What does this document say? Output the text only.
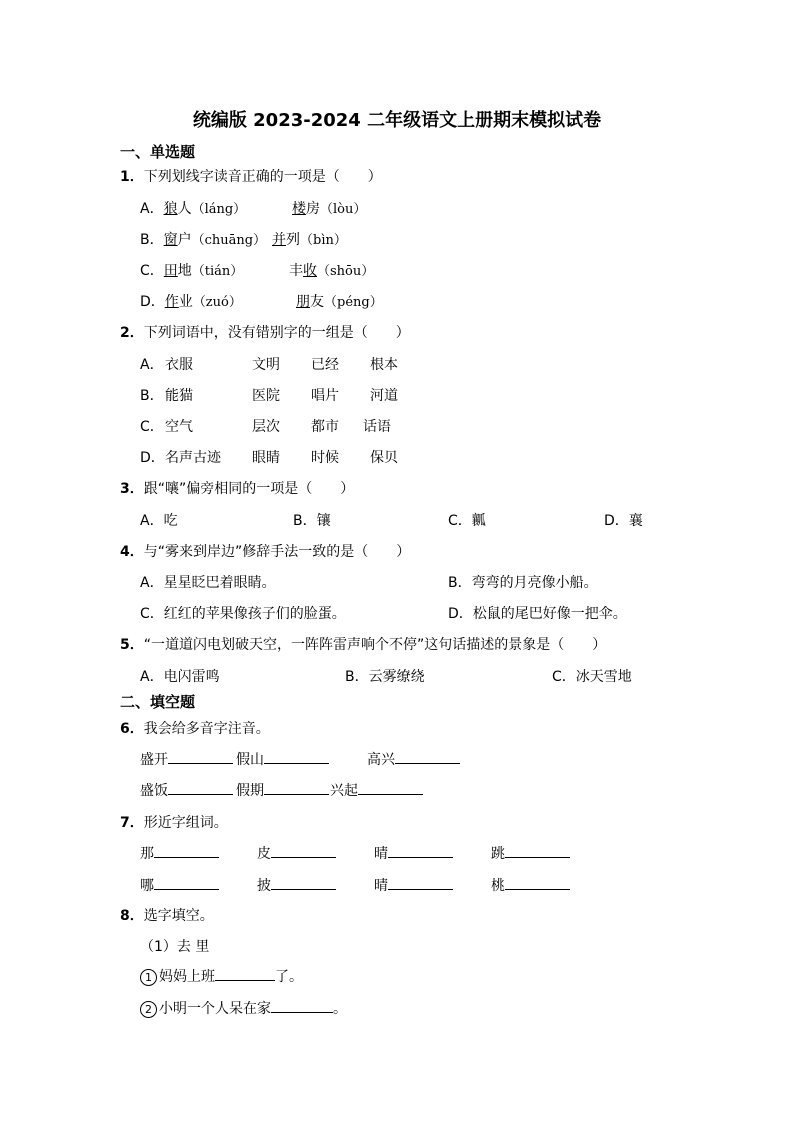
统编版 2023-2024 二年级语文上册期末模拟试卷
一、单选题
1．下列划线字读音正确的一项是（　　）
A．狼人（láng）	楼房（lòu）
B．窗户（chuāng） 并列（bìn）
C．田地（tián）	丰收（shōu）
D．作业（zuó）	朋友（péng）
2．下列词语中，没有错别字的一组是（　　）
A． 衣服	文明 已经 根本
B． 能猫	医院 唱片 河道
C． 空气	层次 都市 话语
D． 名声古迹 眼睛 时候 保贝
3．跟“嚷”偏旁相同的一项是（　　）
A．吃	B．镶	C．瓤	D．襄
4．与“雾来到岸边”修辞手法一致的是（　　）
A．星星眨巴着眼睛。	B．弯弯的月亮像小船。
C．红红的苹果像孩子们的脸蛋。	D．松鼠的尾巴好像一把伞。
5．“一道道闪电划破天空，一阵阵雷声响个不停”这句话描述的景象是（　　）
A．电闪雷鸣	B．云雾缭绕	C．冰天雪地
二、填空题
6．我会给多音字注音。
盛开	假山	高兴
盛饭	假期	兴起
7．形近字组词。
那	皮	晴	跳
哪	披	晴	桃
8．选字填空。
（1）去 里
1 妈妈上班	了。
2 小明一个人呆在家	。
